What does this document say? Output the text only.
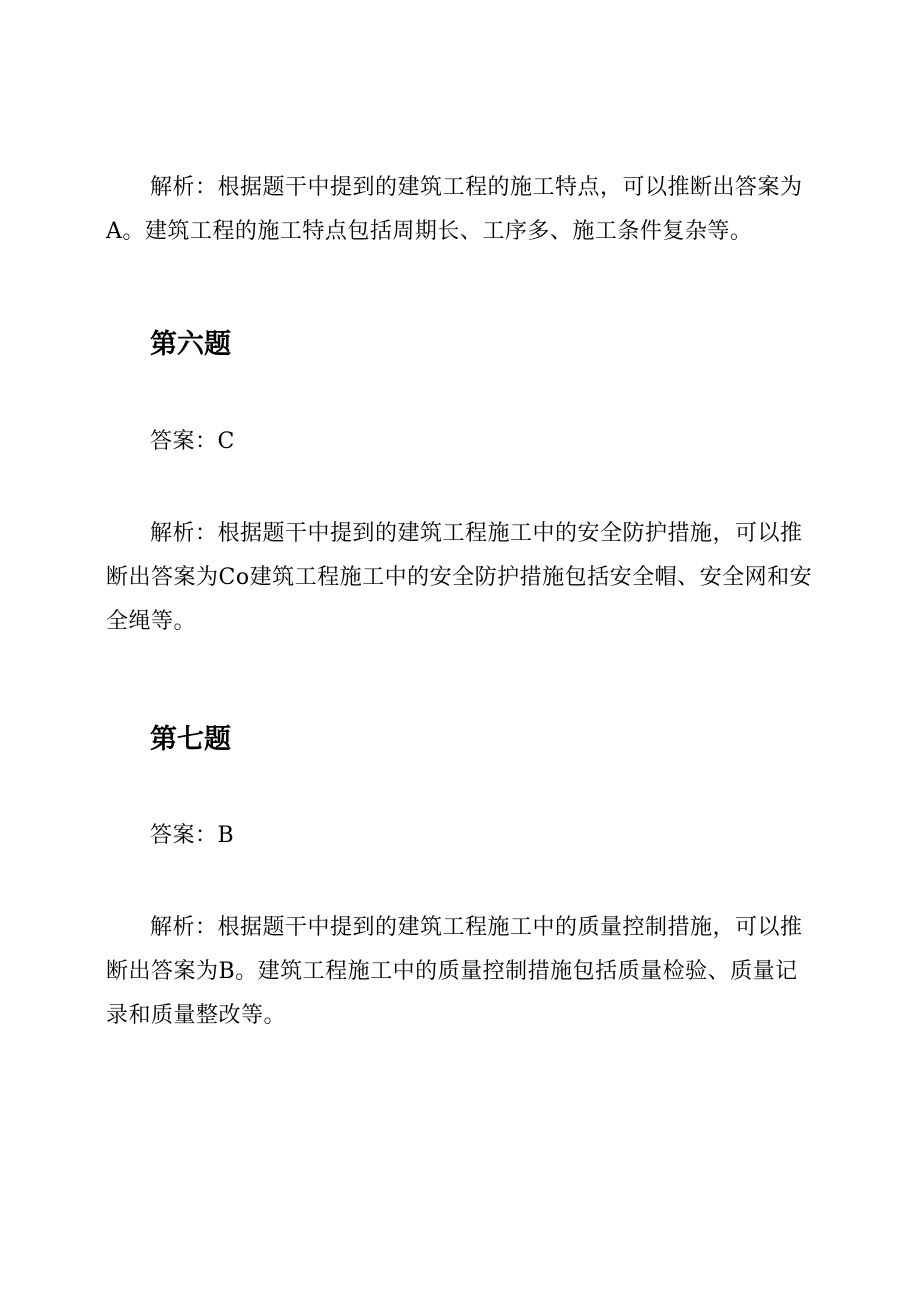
解析：根据题干中提到的建筑工程的施工特点，可以推断出答案为A。建筑工程的施工特点包括周期长、工序多、施工条件复杂等。

第六题

答案：C

解析：根据题干中提到的建筑工程施工中的安全防护措施，可以推断出答案为Co建筑工程施工中的安全防护措施包括安全帽、安全网和安全绳等。

第七题

答案：B

解析：根据题干中提到的建筑工程施工中的质量控制措施，可以推断出答案为B。建筑工程施工中的质量控制措施包括质量检验、质量记录和质量整改等。
